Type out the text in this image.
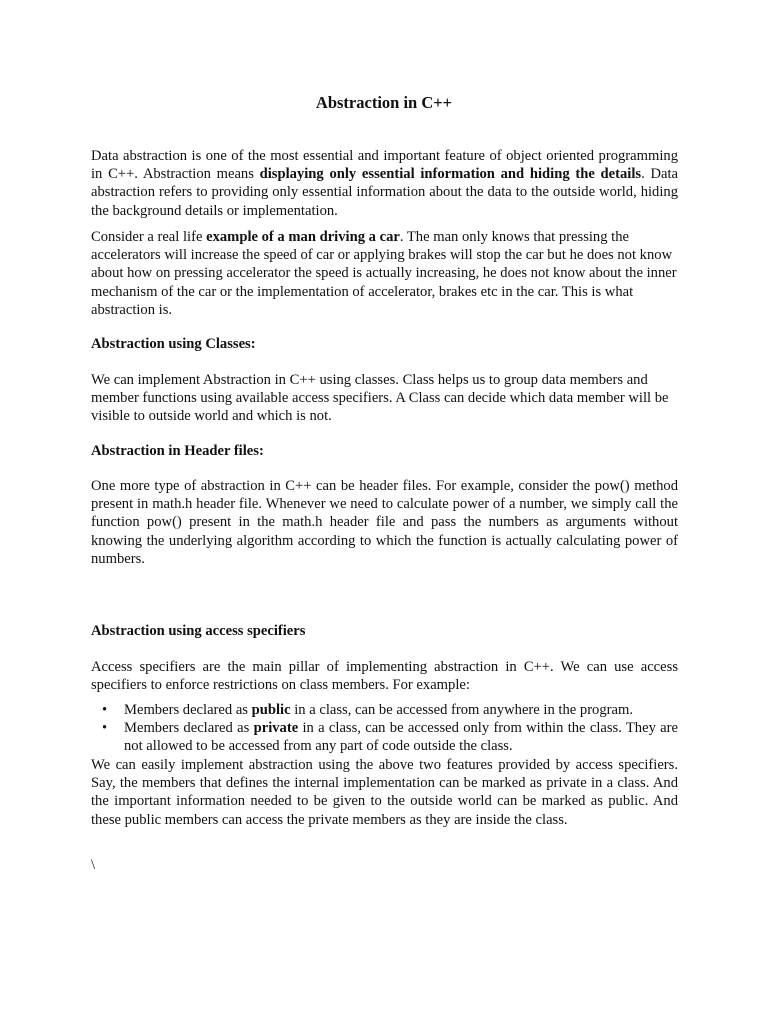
Abstraction in C++

Data abstraction is one of the most essential and important feature of object oriented programming in C++. Abstraction means displaying only essential information and hiding the details. Data abstraction refers to providing only essential information about the data to the outside world, hiding the background details or implementation.

Consider a real life example of a man driving a car. The man only knows that pressing the accelerators will increase the speed of car or applying brakes will stop the car but he does not know about how on pressing accelerator the speed is actually increasing, he does not know about the inner mechanism of the car or the implementation of accelerator, brakes etc in the car. This is what abstraction is.

Abstraction using Classes:

We can implement Abstraction in C++ using classes. Class helps us to group data members and member functions using available access specifiers. A Class can decide which data member will be visible to outside world and which is not.

Abstraction in Header files:

One more type of abstraction in C++ can be header files. For example, consider the pow() method present in math.h header file. Whenever we need to calculate power of a number, we simply call the function pow() present in the math.h header file and pass the numbers as arguments without knowing the underlying algorithm according to which the function is actually calculating power of numbers.

Abstraction using access specifiers

Access specifiers are the main pillar of implementing abstraction in C++. We can use access specifiers to enforce restrictions on class members. For example:

• Members declared as public in a class, can be accessed from anywhere in the program.
• Members declared as private in a class, can be accessed only from within the class. They are not allowed to be accessed from any part of code outside the class.

We can easily implement abstraction using the above two features provided by access specifiers. Say, the members that defines the internal implementation can be marked as private in a class. And the important information needed to be given to the outside world can be marked as public. And these public members can access the private members as they are inside the class.

\
